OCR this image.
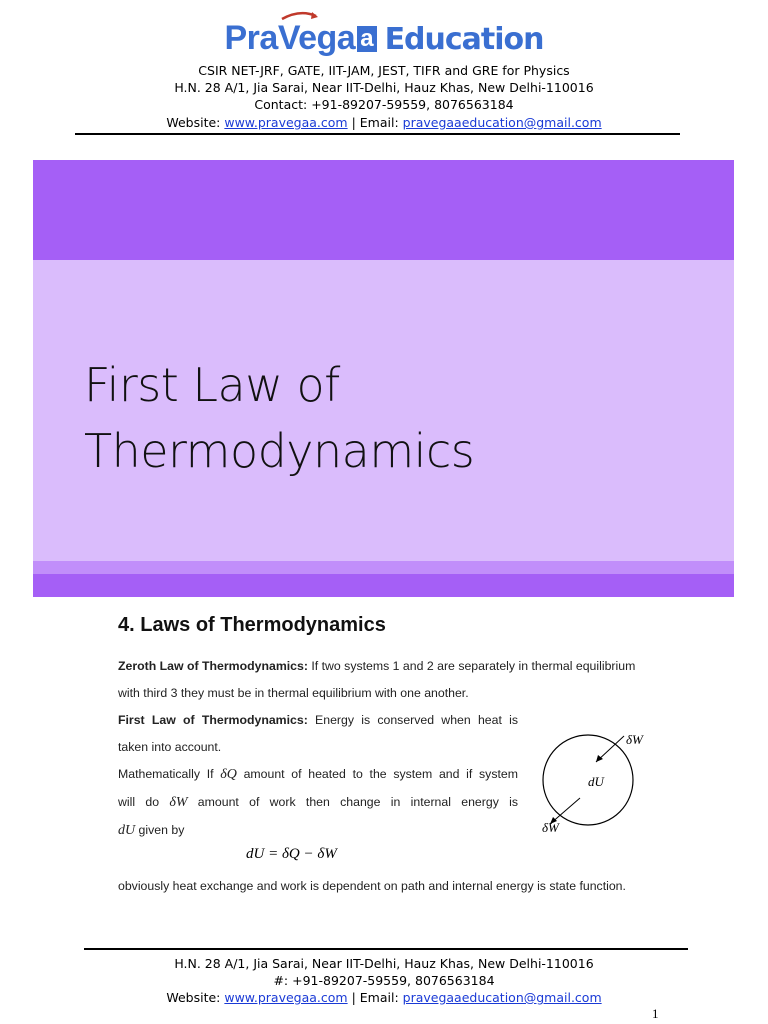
Pra
Vega a Education
CSIR NET-JRF, GATE, IIT-JAM, JEST, TIFR and GRE for Physics
H.N. 28 A/1, Jia Sarai, Near IIT-Delhi, Hauz Khas, New Delhi-110016
Contact: +91-89207-59559, 8076563184
Website: www.pravegaa.com | Email: pravegaaeducation@gmail.com
First Law of
Thermodynamics
4. Laws of Thermodynamics
Zeroth Law of Thermodynamics: If two systems 1 and 2 are separately in thermal equilibrium
with third 3 they must be in thermal equilibrium with one another.
First Law of Thermodynamics: Energy is conserved when heat is
taken into account.
Mathematically If δQ amount of heated to the system and if system
will do δW amount of work then change in internal energy is
dU given by
dU = δQ − δW
δW
dU
δW
obviously heat exchange and work is dependent on path and internal energy is state function.
H.N. 28 A/1, Jia Sarai, Near IIT-Delhi, Hauz Khas, New Delhi-110016
#: +91-89207-59559, 8076563184
Website: www.pravegaa.com | Email: pravegaaeducation@gmail.com
1
